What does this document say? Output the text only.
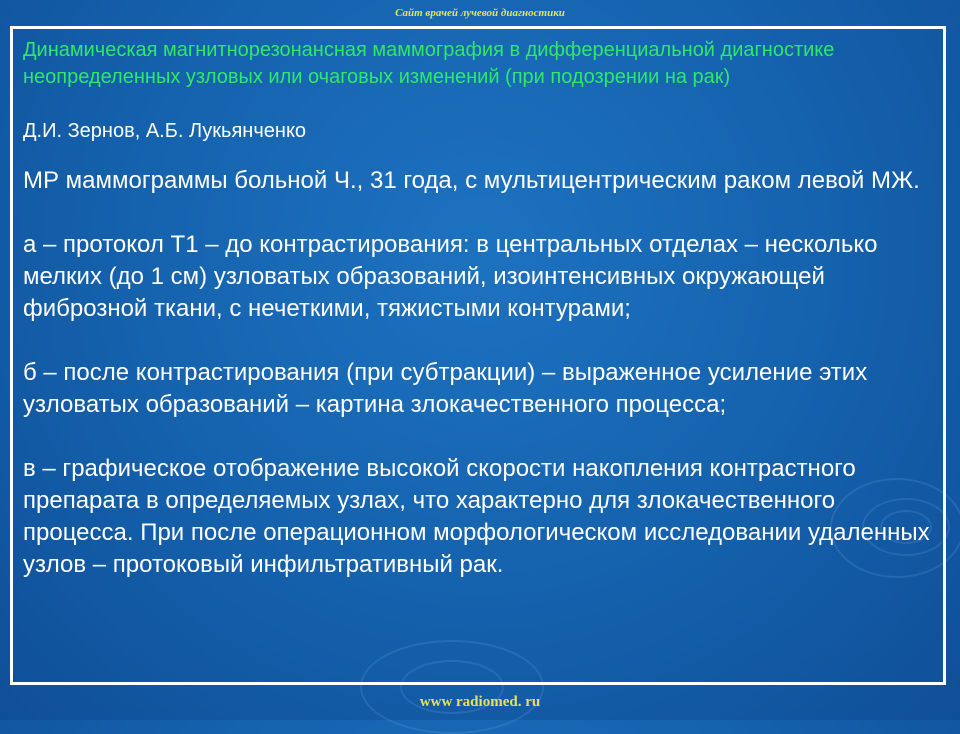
Сайт врачей лучевой диагностики

Динамическая магнитнорезонансная маммография в дифференциальной диагностике неопределенных узловых или очаговых изменений (при подозрении на рак)

Д.И. Зернов, А.Б. Лукьянченко

МР маммограммы больной Ч., 31 года, с мультицентрическим раком левой МЖ.

а – протокол Т1 – до контрастирования: в центральных отделах – несколько мелких (до 1 см) узловатых образований, изоинтенсивных окружающей фиброзной ткани, с нечеткими, тяжистыми контурами;

б – после контрастирования (при субтракции) – выраженное усиление этих узловатых образований – картина злокачественного процесса;

в – графическое отображение высокой скорости накопления контрастного препарата в определяемых узлах, что характерно для злокачественного процесса. При после операционном морфологическом исследовании удаленных узлов – протоковый инфильтративный рак.

www radiomed. ru
